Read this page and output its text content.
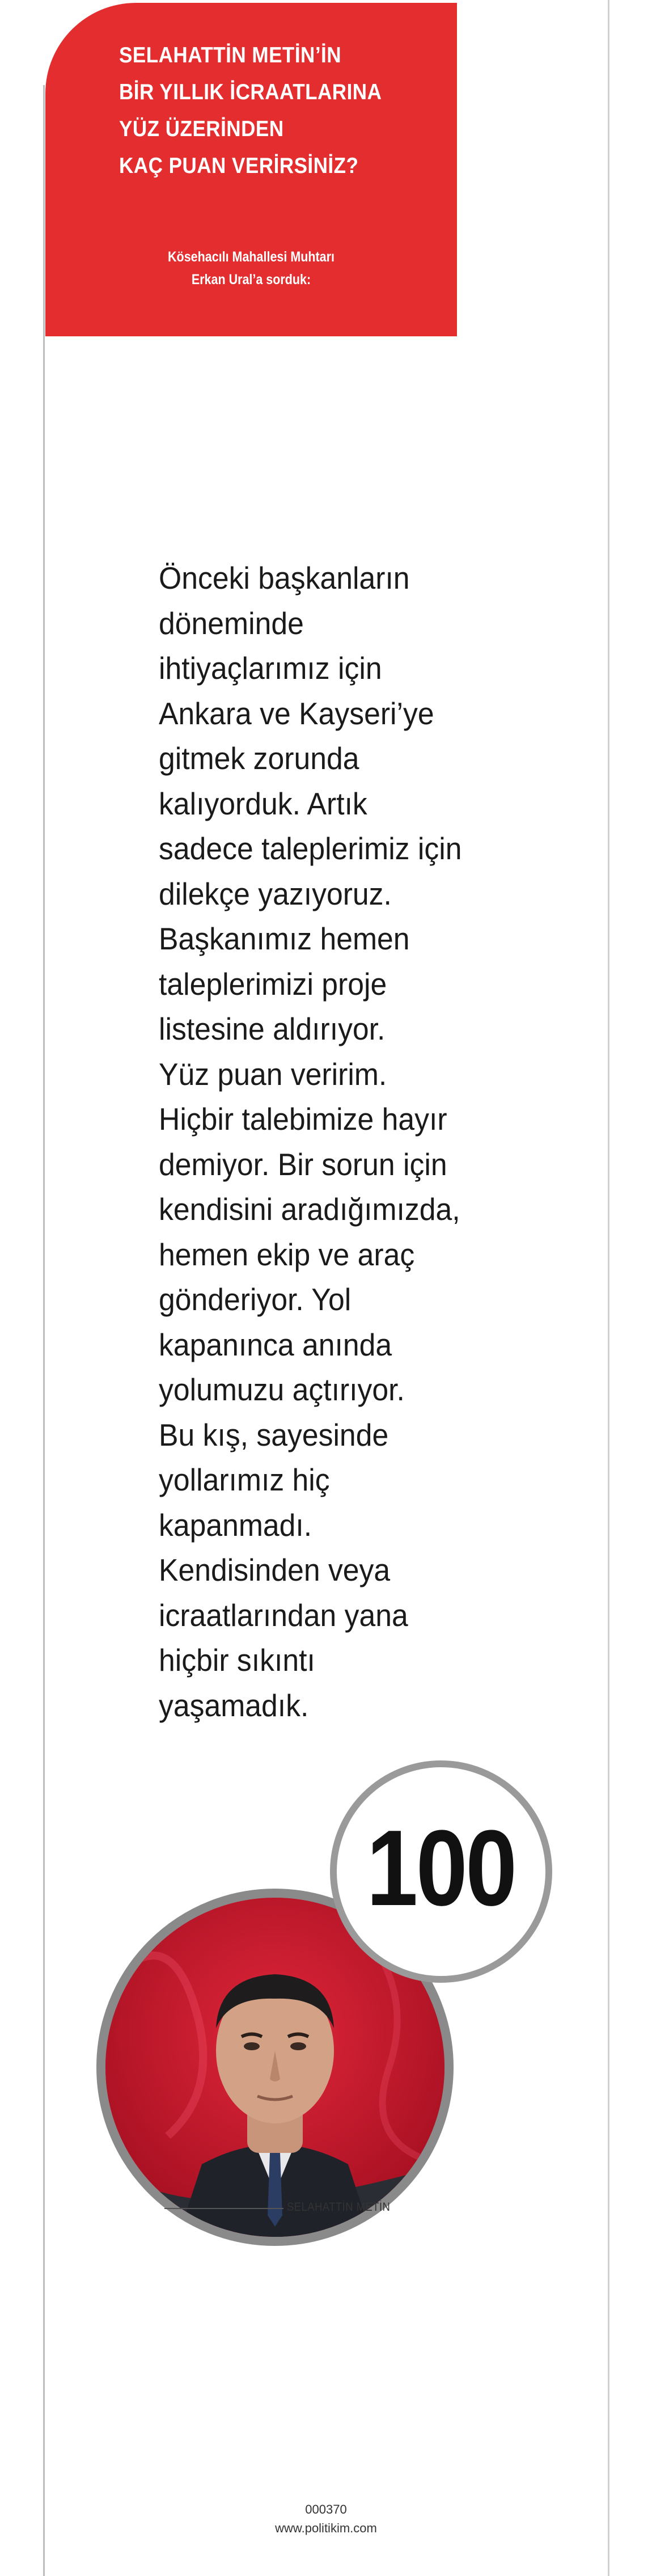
SELAHATTİN METİN’İN
BİR YILLIK İCRAATLARINA
YÜZ ÜZERİNDEN
KAÇ PUAN VERİRSİNİZ?

Kösehacılı Mahallesi Muhtarı
Erkan Ural’a sorduk:

Önceki başkanların
döneminde
ihtiyaçlarımız için
Ankara ve Kayseri’ye
gitmek zorunda
kalıyorduk. Artık
sadece taleplerimiz için
dilekçe yazıyoruz.
Başkanımız hemen
taleplerimizi proje
listesine aldırıyor.
Yüz puan veririm.
Hiçbir talebimize hayır
demiyor. Bir sorun için
kendisini aradığımızda,
hemen ekip ve araç
gönderiyor. Yol
kapanınca anında
yolumuzu açtırıyor.
Bu kış, sayesinde
yollarımız hiç
kapanmadı.
Kendisinden veya
icraatlarından yana
hiçbir sıkıntı
yaşamadık.

100
SELAHATTİN METİN
000370
www.politikim.com
